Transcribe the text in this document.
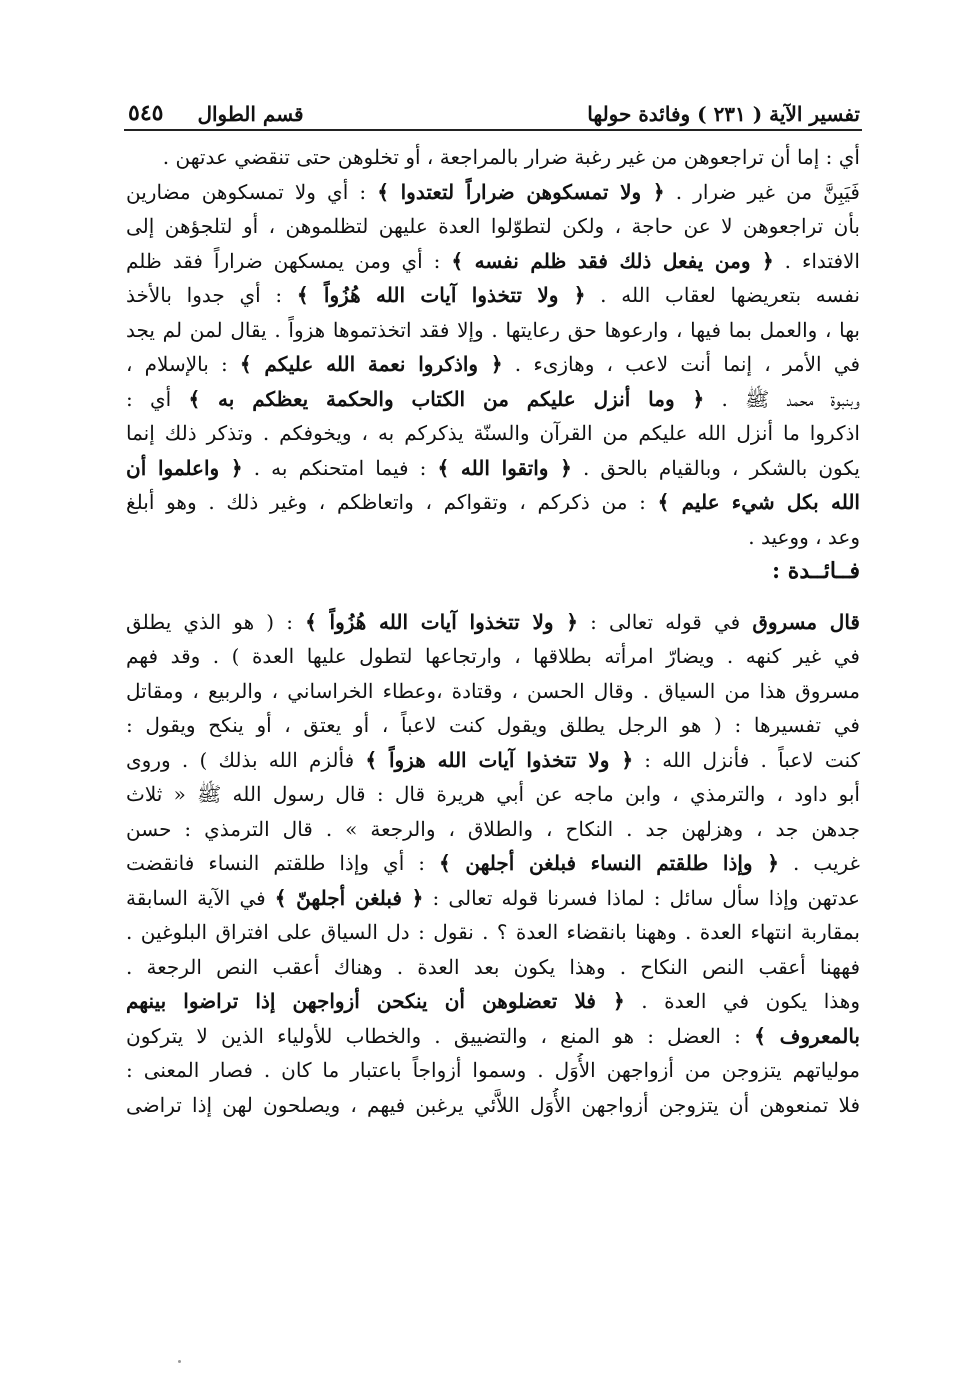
تفسير الآية ( ٢٣١ ) وفائدة حولها
قسم الطوال
٥٤٥
أي : إما أن تراجعوهن من غير رغبة ضرار بالمراجعة ، أو تخلوهن حتى تنقضي عدتهن .
فَيَبِنَّ من غير ضرار . ﴿ ولا تمسكوهن ضراراً لتعتدوا ﴾ : أي ولا تمسكوهن مضارين
بأن تراجعوهن لا عن حاجة ، ولكن لتطوّلوا العدة عليهن لتظلموهن ، أو لتلجؤهن إلى
الافتداء . ﴿ ومن يفعل ذلك فقد ظلم نفسه ﴾ : أي ومن يمسكهن ضراراً فقد ظلم
نفسه بتعريضها لعقاب الله . ﴿ ولا تتخذوا آيات الله هُزُواً ﴾ : أي جدوا بالأخذ
بها ، والعمل بما فيها ، وارعوها حق رعايتها . وإلا فقد اتخذتموها هزواً . يقال لمن لم يجد
في الأمر ، إنما أنت لاعب ، وهازىء . ﴿ واذكروا نعمة الله عليكم ﴾ : بالإسلام ،
وبنبوة محمد ﷺ . ﴿ وما أنزل عليكم من الكتاب والحكمة يعظكم به ﴾ أي :
اذكروا ما أنزل الله عليكم من القرآن والسنّة يذكركم به ، ويخوفكم . وتذكر ذلك إنما
يكون بالشكر ، وبالقيام بالحق . ﴿ واتقوا الله ﴾ : فيما امتحنكم به . ﴿ واعلموا أن
الله بكل شيء عليم ﴾ : من ذكركم ، وتقواكم ، واتعاظكم ، وغير ذلك . وهو أبلغ
وعد ، ووعيد .
فــائــدة :
قال مسروق في قوله تعالى : ﴿ ولا تتخذوا آيات الله هُزُواً ﴾ : ( هو الذي يطلق
في غير كنهه . ويضارّ امرأته بطلاقها ، وارتجاعها لتطول عليها العدة ) . وقد فهم
مسروق هذا من السياق . وقال الحسن ، وقتادة ،وعطاء الخراساني ، والربيع ، ومقاتل
في تفسيرها : ( هو الرجل يطلق ويقول كنت لاعباً ، أو يعتق ، أو ينكح ويقول :
كنت لاعباً . فأنزل الله : ﴿ ولا تتخذوا آيات الله هزواً ﴾ فألزم الله بذلك ) . وروى
أبو داود ، والترمذي ، وابن ماجه عن أبي هريرة قال : قال رسول الله ﷺ « ثلاث
جدهن جد ، وهزلهن جد . النكاح ، والطلاق ، والرجعة » . قال الترمذي : حسن
غريب . ﴿ وإذا طلقتم النساء فبلغن أجلهن ﴾ : أي وإذا طلقتم النساء فانقضت
عدتهن وإذا سأل سائل : لماذا فسرنا قوله تعالى : ﴿ فبلغن أجلهنّ ﴾ في الآية السابقة
بمقاربة انتهاء العدة . وههنا بانقضاء العدة ؟ . نقول : دل السياق على افتراق البلوغين .
فههنا أعقب النص النكاح . وهذا يكون بعد العدة . وهناك أعقب النص الرجعة .
وهذا يكون في العدة . ﴿ فلا تعضلوهن أن ينكحن أزواجهن إذا تراضوا بينهم
بالمعروف ﴾ : العضل : هو المنع ، والتضييق . والخطاب للأولياء الذين لا يتركون
مولياتهم يتزوجن من أزواجهن الأُوَل . وسموا أزواجاً باعتبار ما كان . فصار المعنى :
فلا تمنعوهن أن يتزوجن أزواجهن الأُوَل اللاَّئي يرغبن فيهم ، ويصلحون لهن إذا تراضى
